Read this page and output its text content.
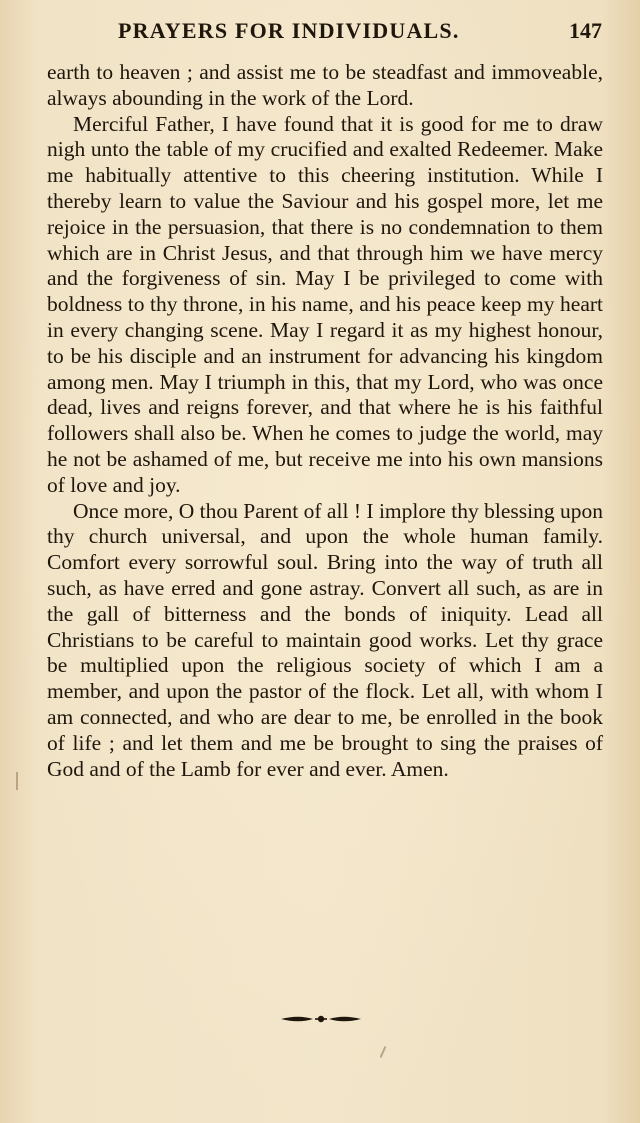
PRAYERS FOR INDIVIDUALS.	147

earth to heaven ; and assist me to be steadfast and immoveable, always abounding in the work of the Lord.

Merciful Father, I have found that it is good for me to draw nigh unto the table of my crucified and exalted Redeemer. Make me habitually attentive to this cheering institution. While I thereby learn to value the Saviour and his gospel more, let me rejoice in the persuasion, that there is no condemnation to them which are in Christ Jesus, and that through him we have mercy and the forgiveness of sin. May I be privileged to come with boldness to thy throne, in his name, and his peace keep my heart in every changing scene. May I regard it as my highest honour, to be his disciple and an instrument for advancing his kingdom among men. May I triumph in this, that my Lord, who was once dead, lives and reigns forever, and that where he is his faithful followers shall also be. When he comes to judge the world, may he not be ashamed of me, but receive me into his own mansions of love and joy.

Once more, O thou Parent of all ! I implore thy blessing upon thy church universal, and upon the whole human family. Comfort every sorrowful soul. Bring into the way of truth all such, as have erred and gone astray. Convert all such, as are in the gall of bitterness and the bonds of iniquity. Lead all Christians to be careful to maintain good works. Let thy grace be multiplied upon the religious society of which I am a member, and upon the pastor of the flock. Let all, with whom I am connected, and who are dear to me, be enrolled in the book of life ; and let them and me be brought to sing the praises of God and of the Lamb for ever and ever. Amen.
